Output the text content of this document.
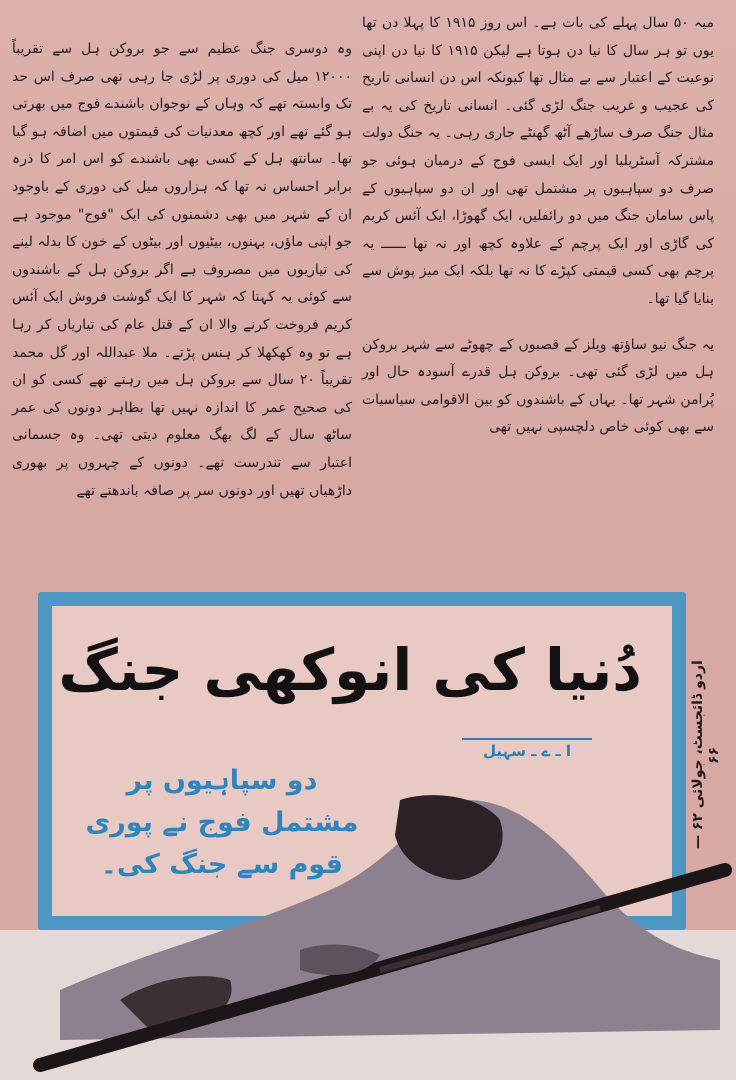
میہ ۵۰ سال پہلے کی بات ہے۔ اس روز ۱۹۱۵ کا پہلا دن تھا یوں تو ہر سال کا نیا دن ہوتا ہے لیکن ۱۹۱۵ کا نیا دن اپنی نوعیت کے اعتبار سے بے مثال تھا کیونکہ اس دن انسانی تاریخ کی عجیب و غریب جنگ لڑی گئی۔ انسانی تاریخ کی یہ بے مثال جنگ صرف ساڑھے آٹھ گھنٹے جاری رہی۔ یہ جنگ دولت مشترکہ آسٹریلیا اور ایک ایسی فوج کے درمیان ہوئی جو صرف دو سپاہیوں پر مشتمل تھی اور ان دو سپاہیوں کے پاس سامان جنگ میں دو رائفلیں، ایک گھوڑا، ایک آئس کریم کی گاڑی اور ایک پرچم کے علاوہ کچھ اور نہ تھا ــــــ یہ پرچم بھی کسی قیمتی کپڑے کا نہ تھا بلکہ ایک میز پوش سے بنایا گیا تھا۔

یہ جنگ نیو ساؤتھ ویلز کے قصبوں کے چھوٹے سے شہر بروکن ہل میں لڑی گئی تھی۔ بروکن ہل قدرے آسودہ حال اور پُرامن شہر تھا۔ یہاں کے باشندوں کو بین الاقوامی سیاسیات سے بھی کوئی خاص دلچسپی نہیں تھی

وہ دوسری جنگ عظیم سے جو بروکن ہل سے تقریباً ۱۲۰۰۰ میل کی دوری پر لڑی جا رہی تھی صرف اس حد تک وابستہ تھے کہ وہاں کے نوجوان باشندے فوج میں بھرتی ہو گئے تھے اور کچھ معدنیات کی قیمتوں میں اضافہ ہو گیا تھا۔ سانتھ ہل کے کسی بھی باشندے کو اس امر کا ذرہ برابر احساس نہ تھا کہ ہزاروں میل کی دوری کے باوجود ان کے شہر میں بھی دشمنوں کی ایک "فوج" موجود ہے جو اپنی ماؤں، بہنوں، بیٹیوں اور بیٹوں کے خون کا بدلہ لینے کی تیاریوں میں مصروف ہے اگر بروکن ہل کے باشندوں سے کوئی یہ کہتا کہ شہر کا ایک گوشت فروش ایک آئس کریم فروخت کرنے والا ان کے قتل عام کی تیاریاں کر رہا ہے تو وہ کھکھلا کر ہنس پڑتے۔ ملا عبداللہ اور گل محمد تقریباً ۲۰ سال سے بروکن ہل میں رہتے تھے کسی کو ان کی صحیح عمر کا اندازہ نہیں تھا بظاہر دونوں کی عمر ساٹھ سال کے لگ بھگ معلوم دیتی تھی۔ وہ جسمانی اعتبار سے تندرست تھے۔ دونوں کے چہروں پر بھوری داڑھیاں تھیں اور دونوں سر پر صافہ باندھتے تھے

دُنیا کی انوکھی جنگ
ا ـ ے ـ سہیل
دو سپاہیوں پر مشتمل فوج نے پوری قوم سے جنگ کی۔
اردو ڈائجسٹ، جولائی ۶۲ — ۶۶
